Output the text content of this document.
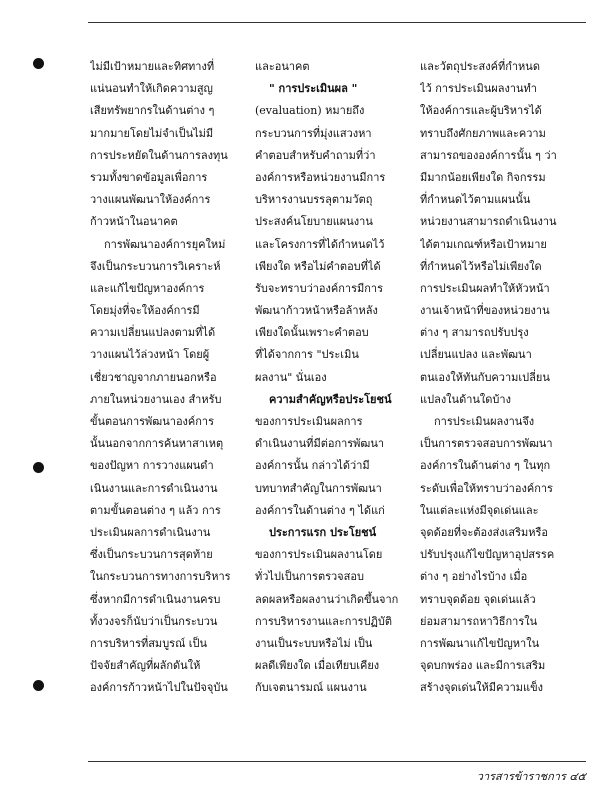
ไม่มีเป้าหมายและทิศทางที่
แน่นอนทำให้เกิดความสูญ
เสียทรัพยากรในด้านต่าง ๆ
มากมายโดยไม่จำเป็นไม่มี
การประหยัดในด้านการลงทุน
รวมทั้งขาดข้อมูลเพื่อการ
วางแผนพัฒนาให้องค์การ
ก้าวหน้าในอนาคต
การพัฒนาองค์การยุคใหม่
จึงเป็นกระบวนการวิเคราะห์
และแก้ไขปัญหาองค์การ
โดยมุ่งที่จะให้องค์การมี
ความเปลี่ยนแปลงตามที่ได้
วางแผนไว้ล่วงหน้า โดยผู้
เชี่ยวชาญจากภายนอกหรือ
ภายในหน่วยงานเอง สำหรับ
ขั้นตอนการพัฒนาองค์การ
นั้นนอกจากการค้นหาสาเหตุ
ของปัญหา การวางแผนดำ
เนินงานและการดำเนินงาน
ตามขั้นตอนต่าง ๆ แล้ว การ
ประเมินผลการดำเนินงาน
ซึ่งเป็นกระบวนการสุดท้าย
ในกระบวนการทางการบริหาร
ซึ่งหากมีการดำเนินงานครบ
ทั้งวงจรก็นับว่าเป็นกระบวน
การบริหารที่สมบูรณ์ เป็น
ปัจจัยสำคัญที่ผลักดันให้
องค์การก้าวหน้าไปในปัจจุบัน
และอนาคต
" การประเมินผล "
(evaluation) หมายถึง
กระบวนการที่มุ่งแสวงหา
คำตอบสำหรับคำถามที่ว่า
องค์การหรือหน่วยงานมีการ
บริหารงานบรรลุตามวัตถุ
ประสงค์นโยบายแผนงาน
และโครงการที่ได้กำหนดไว้
เพียงใด หรือไม่คำตอบที่ได้
รับจะทราบว่าองค์การมีการ
พัฒนาก้าวหน้าหรือล้าหลัง
เพียงใดนั้นเพราะคำตอบ
ที่ได้จากการ "ประเมิน
ผลงาน" นั่นเอง
ความสำคัญหรือประโยชน์
ของการประเมินผลการ
ดำเนินงานที่มีต่อการพัฒนา
องค์การนั้น กล่าวได้ว่ามี
บทบาทสำคัญในการพัฒนา
องค์การในด้านต่าง ๆ ได้แก่
ประการแรก ประโยชน์
ของการประเมินผลงานโดย
ทั่วไปเป็นการตรวจสอบ
ลดผลหรือผลงานว่าเกิดขึ้นจาก
การบริหารงานและการปฏิบัติ
งานเป็นระบบหรือไม่ เป็น
ผลดีเพียงใด เมื่อเทียบเคียง
กับเจตนารมณ์ แผนงาน
และวัตถุประสงค์ที่กำหนด
ไว้ การประเมินผลงานทำ
ให้องค์การและผู้บริหารได้
ทราบถึงศักยภาพและความ
สามารถขององค์การนั้น ๆ ว่า
มีมากน้อยเพียงใด กิจกรรม
ที่กำหนดไว้ตามแผนนั้น
หน่วยงานสามารถดำเนินงาน
ได้ตามเกณฑ์หรือเป้าหมาย
ที่กำหนดไว้หรือไม่เพียงใด
การประเมินผลทำให้หัวหน้า
งานเจ้าหน้าที่ของหน่วยงาน
ต่าง ๆ สามารถปรับปรุง
เปลี่ยนแปลง และพัฒนา
ตนเองให้ทันกับความเปลี่ยน
แปลงในด้านใดบ้าง
การประเมินผลงานจึง
เป็นการตรวจสอบการพัฒนา
องค์การในด้านต่าง ๆ ในทุก
ระดับเพื่อให้ทราบว่าองค์การ
ในแต่ละแห่งมีจุดเด่นและ
จุดด้อยที่จะต้องส่งเสริมหรือ
ปรับปรุงแก้ไขปัญหาอุปสรรค
ต่าง ๆ อย่างไรบ้าง เมื่อ
ทราบจุดด้อย จุดเด่นแล้ว
ย่อมสามารถหาวิธีการใน
การพัฒนาแก้ไขปัญหาใน
จุดบกพร่อง และมีการเสริม
สร้างจุดเด่นให้มีความแข็ง
วารสารข้าราชการ ๔๕
